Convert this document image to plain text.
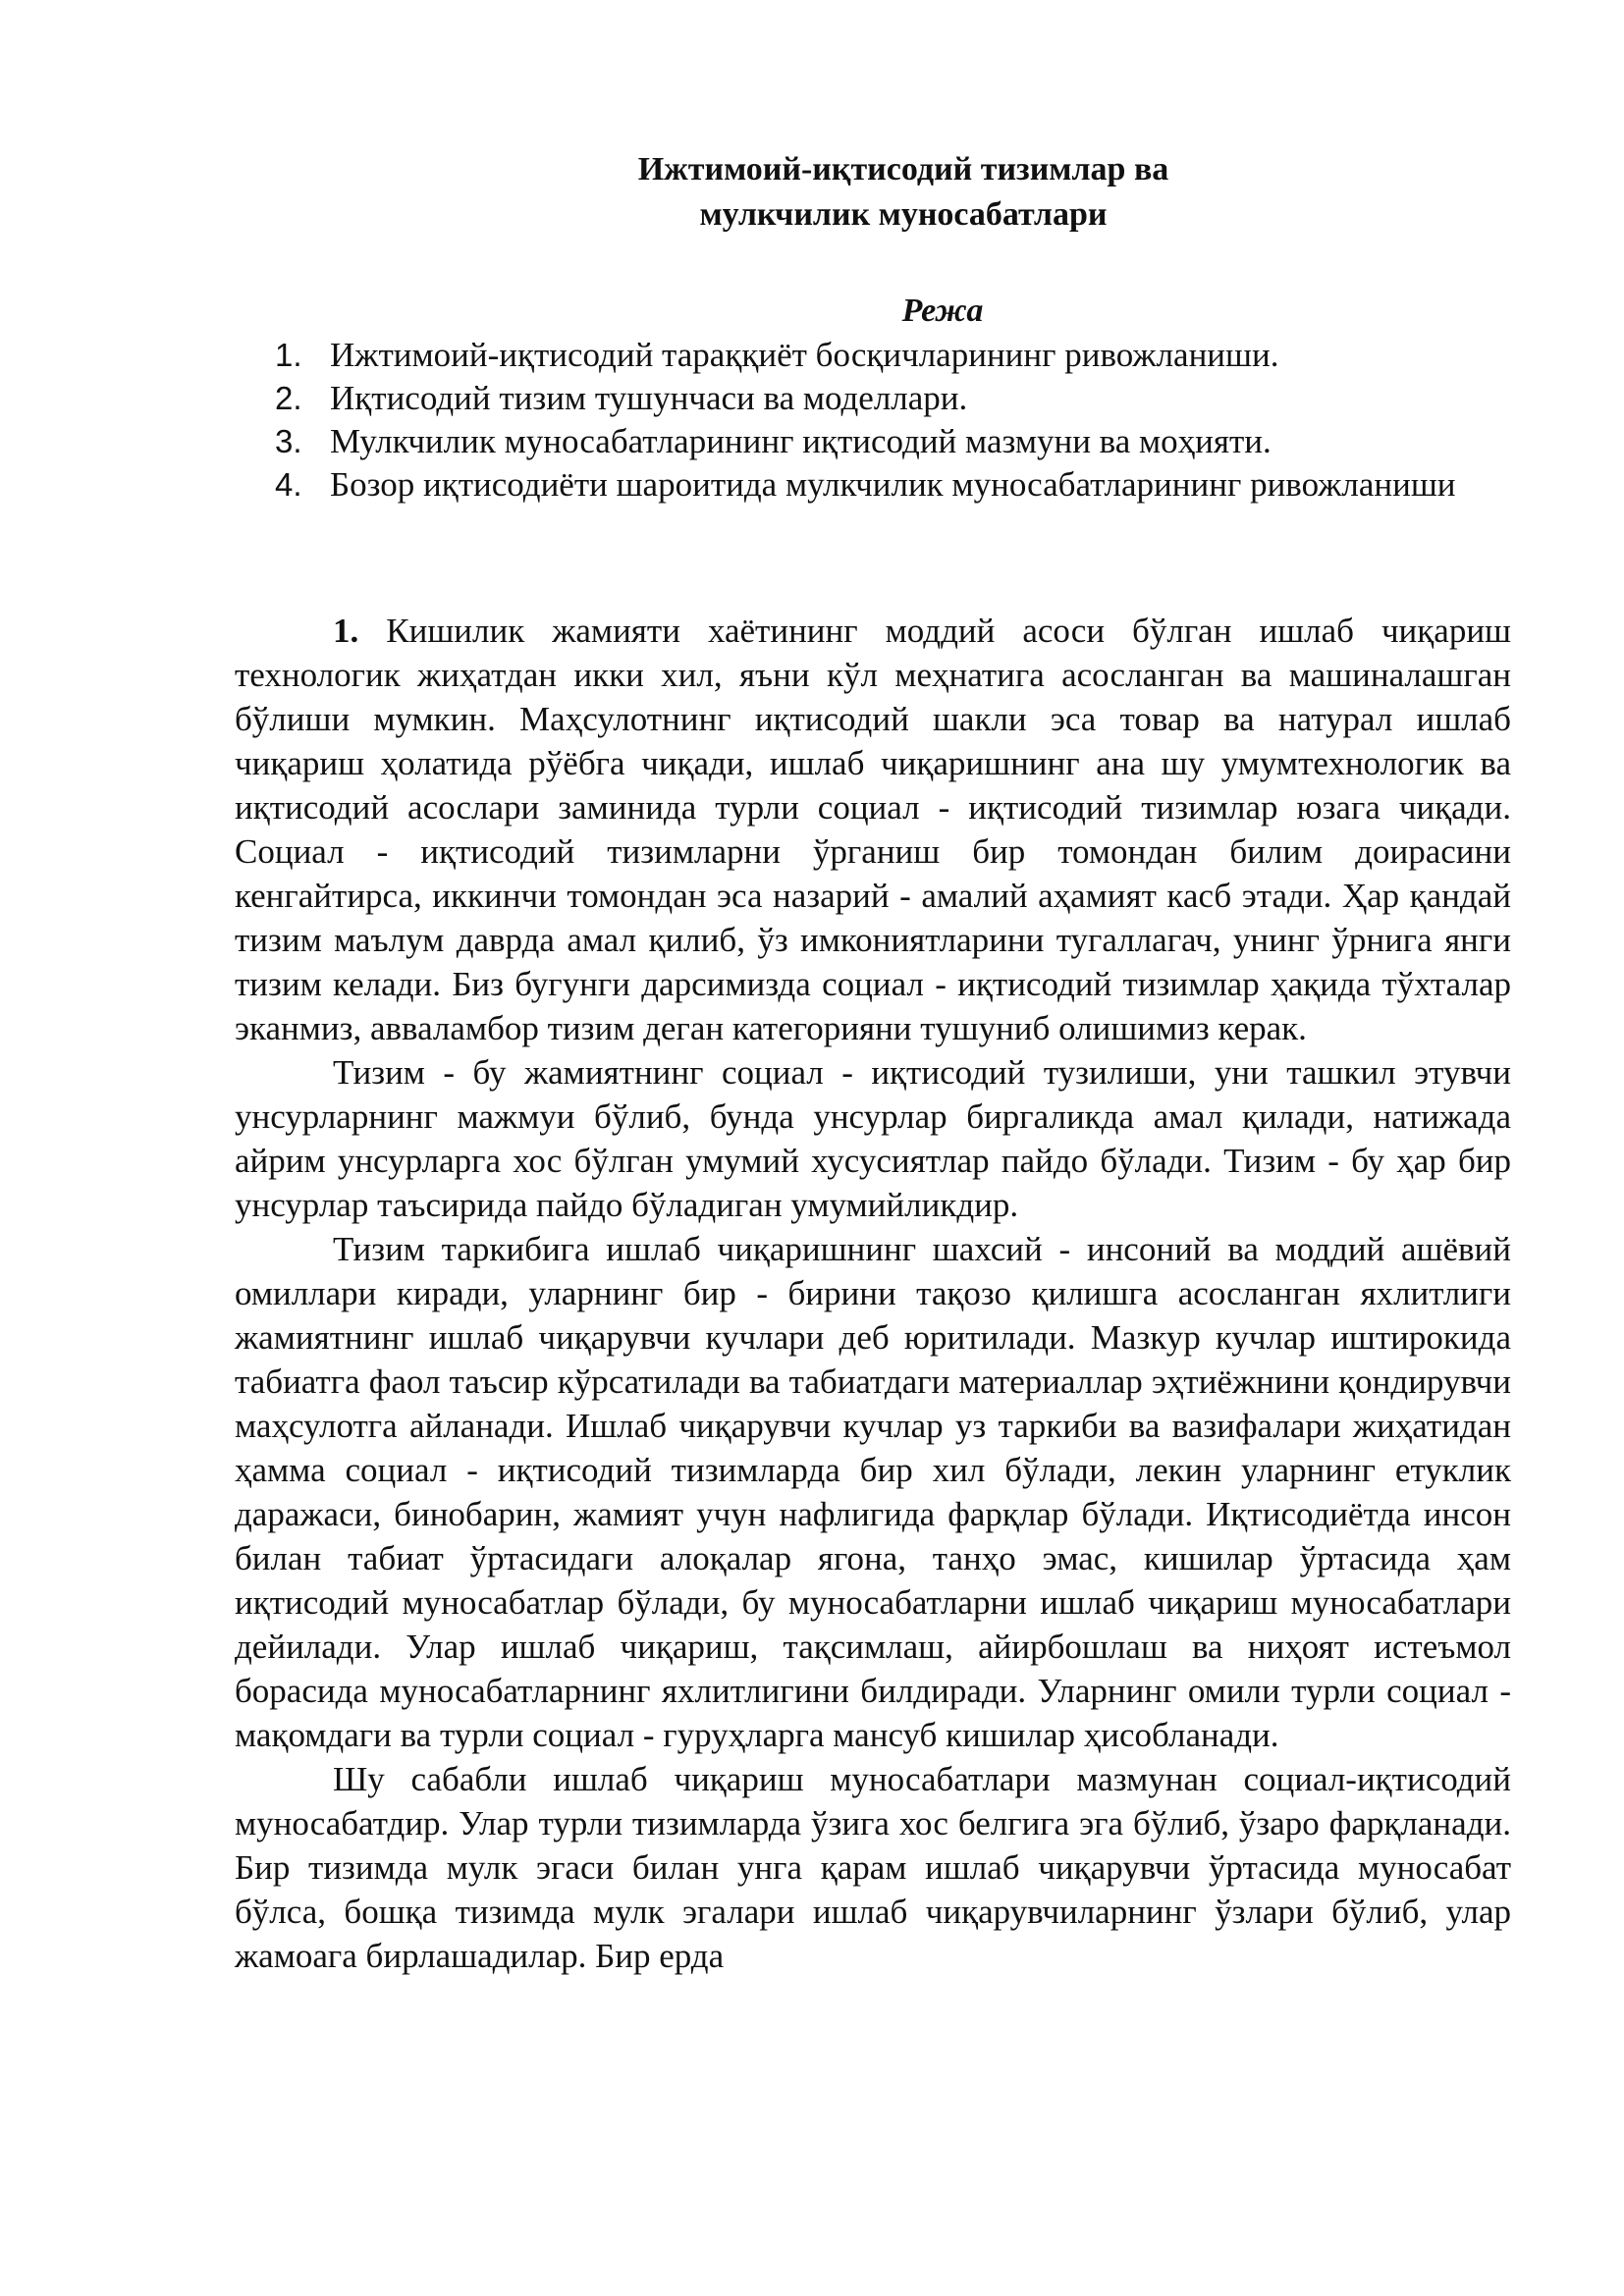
Ижтимоий-иқтисодий тизимлар ва
мулкчилик муносабатлари
Режа
1. Ижтимоий-иқтисодий тараққиёт босқичларининг ривожланиши.
2. Иқтисодий тизим тушунчаси ва моделлари.
3. Мулкчилик муносабатларининг иқтисодий мазмуни ва моҳияти.
4. Бозор иқтисодиёти шароитида мулкчилик муносабатларининг ривожланиши

1. Кишилик жамияти хаётининг моддий асоси бўлган ишлаб чиқариш технологик жиҳатдан икки хил, яъни кўл меҳнатига асосланган ва машиналашган бўлиши мумкин. Маҳсулотнинг иқтисодий шакли эса товар ва натурал ишлаб чиқариш ҳолатида рўёбга чиқади, ишлаб чиқаришнинг ана шу умумтехнологик ва иқтисодий асослари заминида турли социал - иқтисодий тизимлар юзага чиқади. Социал - иқтисодий тизимларни ўрганиш бир томондан билим доирасини кенгайтирса, иккинчи томондан эса назарий - амалий аҳамият касб этади. Ҳар қандай тизим маълум даврда амал қилиб, ўз имкониятларини тугаллагач, унинг ўрнига янги тизим келади. Биз бугунги дарсимизда социал - иқтисодий тизимлар ҳақида тўхталар эканмиз, авваламбор тизим деган категорияни тушуниб олишимиз керак.

Тизим - бу жамиятнинг социал - иқтисодий тузилиши, уни ташкил этувчи унсурларнинг мажмуи бўлиб, бунда унсурлар биргаликда амал қилади, натижада айрим унсурларга хос бўлган умумий хусусиятлар пайдо бўлади. Тизим - бу ҳар бир унсурлар таъсирида пайдо бўладиган умумийликдир.

Тизим таркибига ишлаб чиқаришнинг шахсий - инсоний ва моддий ашёвий омиллари киради, уларнинг бир - бирини тақозо қилишга асосланган яхлитлиги жамиятнинг ишлаб чиқарувчи кучлари деб юритилади. Мазкур кучлар иштирокида табиатга фаол таъсир кўрсатилади ва табиатдаги материаллар эҳтиёжнини қондирувчи маҳсулотга айланади. Ишлаб чиқарувчи кучлар уз таркиби ва вазифалари жиҳатидан ҳамма социал - иқтисодий тизимларда бир хил бўлади, лекин уларнинг етуклик даражаси, бинобарин, жамият учун нафлигида фарқлар бўлади. Иқтисодиётда инсон билан табиат ўртасидаги алоқалар ягона, танҳо эмас, кишилар ўртасида ҳам иқтисодий муносабатлар бўлади, бу муносабатларни ишлаб чиқариш муносабатлари дейилади. Улар ишлаб чиқариш, тақсимлаш, айирбошлаш ва ниҳоят истеъмол борасида муносабатларнинг яхлитлигини билдиради. Уларнинг омили турли социал - мақомдаги ва турли социал - гуруҳларга мансуб кишилар ҳисобланади.

Шу сабабли ишлаб чиқариш муносабатлари мазмунан социал-иқтисодий муносабатдир. Улар турли тизимларда ўзига хос белгига эга бўлиб, ўзаро фарқланади. Бир тизимда мулк эгаси билан унга қарам ишлаб чиқарувчи ўртасида муносабат бўлса, бошқа тизимда мулк эгалари ишлаб чиқарувчиларнинг ўзлари бўлиб, улар жамоага бирлашадилар. Бир ерда
